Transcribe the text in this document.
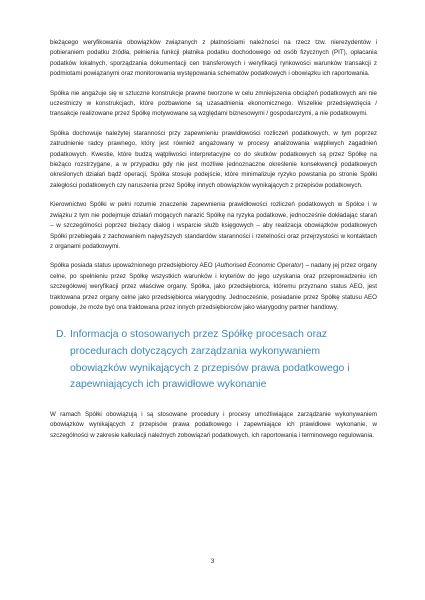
bieżącego weryfikowania obowiązków związanych z płatnościami należności na rzecz tzw. nierezydentów i pobieraniem podatku źródła, pełnienia funkcji płatnika podatku dochodowego od osób fizycznych (PIT), opłacania podatków lokalnych, sporządzania dokumentacji cen transferowych i weryfikacji rynkowości warunków transakcji z podmiotami powiązanymi oraz monitorowania występowania schematów podatkowych i obowiązku ich raportowania.

Spółka nie angażuje się w sztuczne konstrukcje prawne tworzone w celu zmniejszenia obciążeń podatkowych ani nie uczestniczy w konstrukcjach, które pozbawione są uzasadnienia ekonomicznego. Wszelkie przedsięwzięcia / transakcje realizowane przez Spółkę motywowane są względami biznesowymi / gospodarczymi, a nie podatkowymi.

Spółka dochowuje należytej staranności przy zapewnieniu prawidłowości rozliczeń podatkowych, w tym poprzez zatrudnienie radcy prawnego, który jest również angażowany w procesy analizowania wątpliwych zagadnień podatkowych. Kwestie, które budzą wątpliwości interpretacyjne co do skutków podatkowych są przez Spółkę na bieżąco rozstrzygane, a w przypadku gdy nie jest możliwe jednoznaczne określenie konsekwencji podatkowych określonych działań bądź operacji, Spółka stosuje podejście, które minimalizuje ryzyko powstania po stronie Spółki zaległości podatkowych czy naruszenia przez Spółkę innych obowiązków wynikających z przepisów podatkowych.

Kierownictwo Spółki w pełni rozumie znaczenie zapewnienia prawidłowości rozliczeń podatkowych w Spółce i w związku z tym nie podejmuje działań mogących narazić Spółkę na ryzyka podatkowe, jednocześnie dokładając starań – w szczególności poprzez bieżący dialog i wsparcie służb księgowych – aby realizacja obowiązków podatkowych Spółki przebiegała z zachowaniem najwyższych standardów staranności i rzetelności oraz przejrzystości w kontaktach z organami podatkowymi.

Spółka posiada status upoważnionego przedsiębiorcy AEO (Authorised Economic Operator) – nadany jej przez organy celne, po spełnieniu przez Spółkę wszystkich warunków i kryteriów do jego uzyskania oraz przeprowadzeniu ich szczegółowej weryfikacji przez właściwe organy. Spółka, jako przedsiębiorca, któremu przyznano status AEO, jest traktowana przez organy celne jako przedsiębiorca wiarygodny. Jednocześnie, posiadanie przez Spółkę statusu AEO powoduje, że może być ona traktowana przez innych przedsiębiorców jako wiarygodny partner handlowy.

D. Informacja o stosowanych przez Spółkę procesach oraz procedurach dotyczących zarządzania wykonywaniem obowiązków wynikających z przepisów prawa podatkowego i zapewniających ich prawidłowe wykonanie

W ramach Spółki obowiązują i są stosowane procedury i procesy umożliwiające zarządzanie wykonywaniem obowiązków wynikających z przepisów prawa podatkowego i zapewniające ich prawidłowe wykonanie, w szczególności w zakresie kalkulacji należnych zobowiązań podatkowych, ich raportowania i terminowego regulowania.

3
